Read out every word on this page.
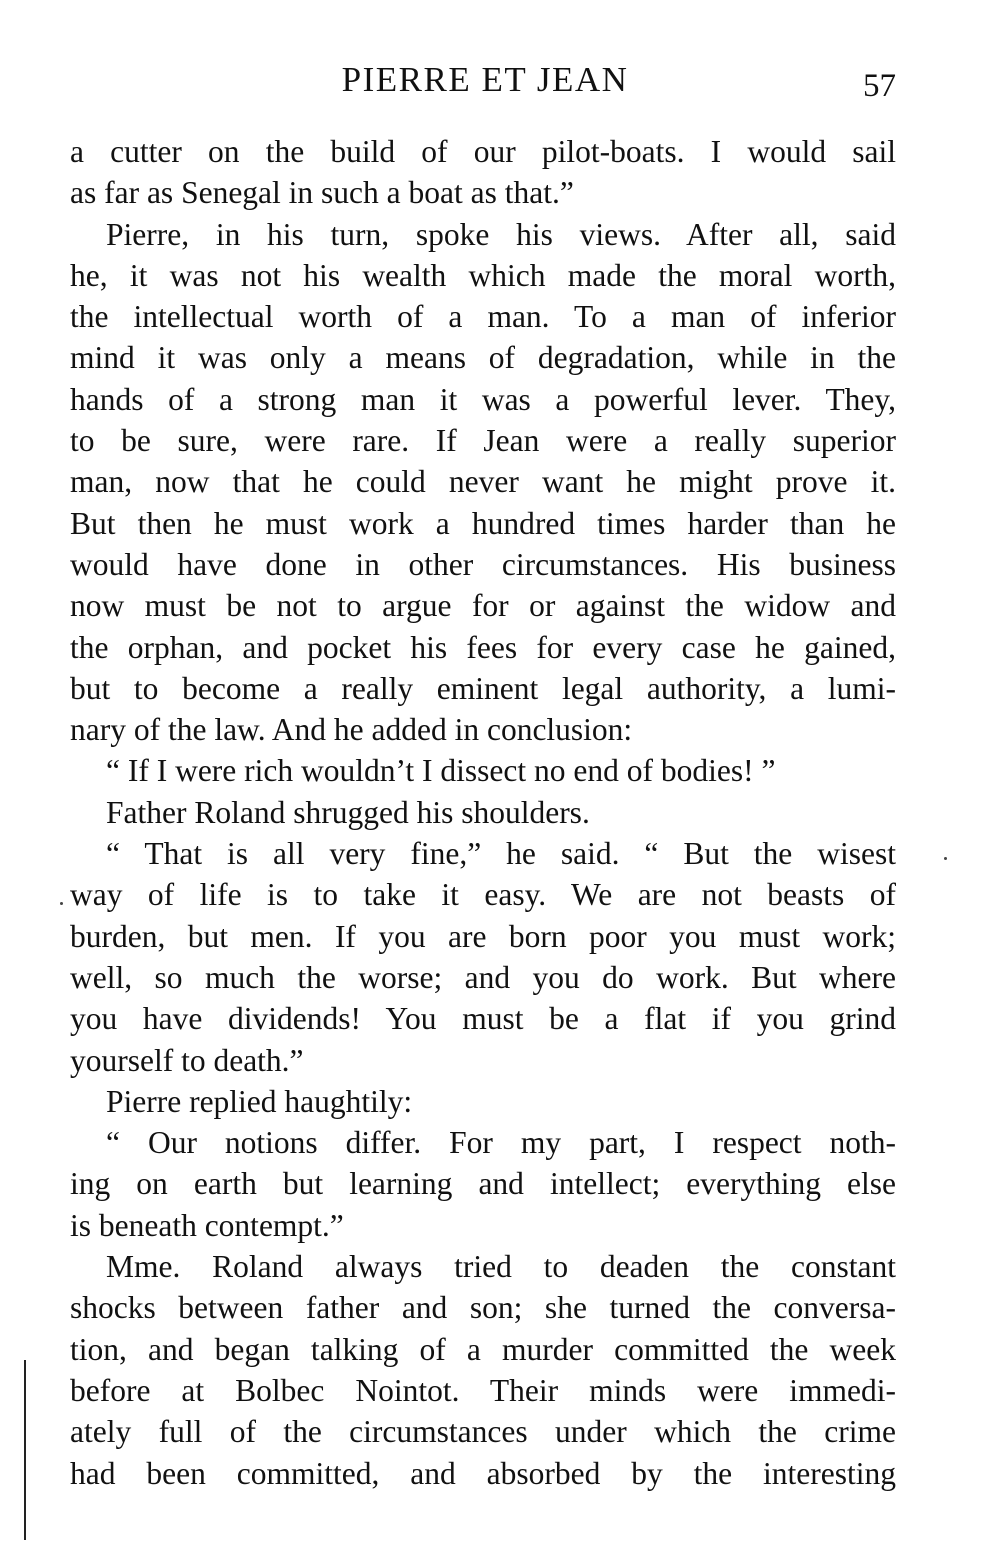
PIERRE ET JEAN	57
a cutter on the build of our pilot-boats. I would sail
as far as Senegal in such a boat as that.”
Pierre, in his turn, spoke his views. After all, said
he, it was not his wealth which made the moral worth,
the intellectual worth of a man. To a man of inferior
mind it was only a means of degradation, while in the
hands of a strong man it was a powerful lever. They,
to be sure, were rare. If Jean were a really superior
man, now that he could never want he might prove it.
But then he must work a hundred times harder than he
would have done in other circumstances. His business
now must be not to argue for or against the widow and
the orphan, and pocket his fees for every case he gained,
but to become a really eminent legal authority, a lumi-
nary of the law. And he added in conclusion:
“ If I were rich wouldn’t I dissect no end of bodies! ”
Father Roland shrugged his shoulders.
“ That is all very fine,” he said. “ But the wisest
way of life is to take it easy. We are not beasts of
burden, but men. If you are born poor you must work;
well, so much the worse; and you do work. But where
you have dividends! You must be a flat if you grind
yourself to death.”
Pierre replied haughtily:
“ Our notions differ. For my part, I respect noth-
ing on earth but learning and intellect; everything else
is beneath contempt.”
Mme. Roland always tried to deaden the constant
shocks between father and son; she turned the conversa-
tion, and began talking of a murder committed the week
before at Bolbec Nointot. Their minds were immedi-
ately full of the circumstances under which the crime
had been committed, and absorbed by the interesting
